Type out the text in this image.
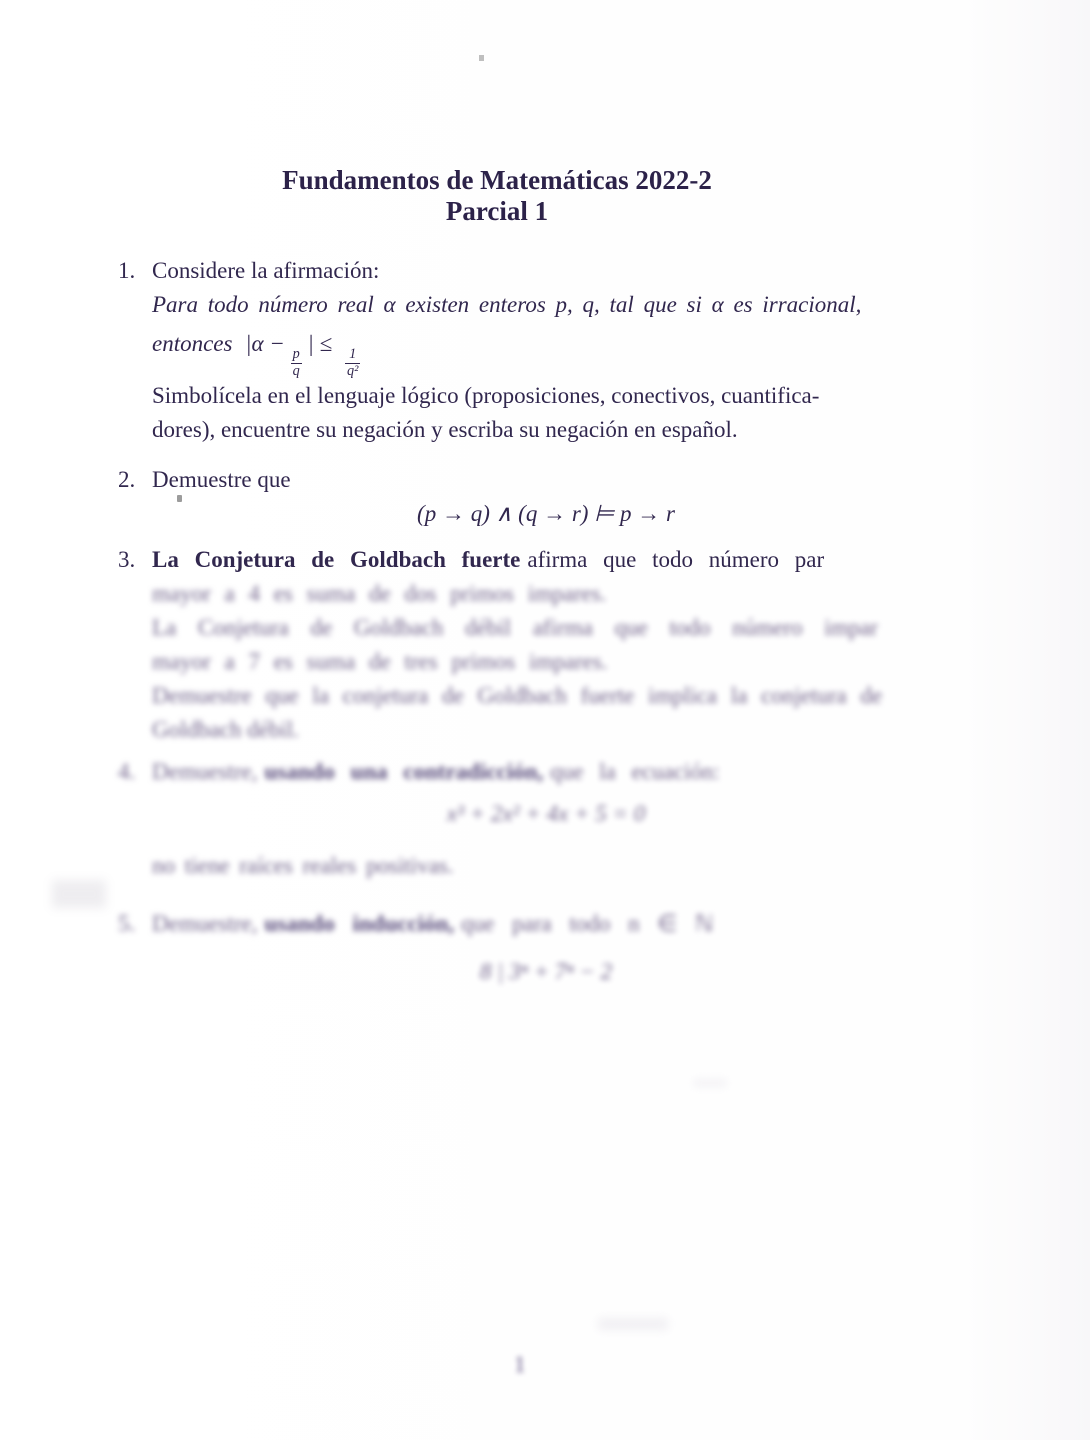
Fundamentos de Matemáticas 2022-2
Parcial 1
1. Considere la afirmación:
Para todo número real α existen enteros p, q, tal que si α es irracional,
entonces |α −
$\frac{p}{q}$
| ≤
$\frac{1}{\text{q²}}$
Simbolícela en el lenguaje lógico (proposiciones, conectivos, cuantifica-
dores), encuentre su negación y escriba su negación en español.
2. Demuestre que
(p → q) ∧ (q → r) ⊨ p → r
3. La Conjetura de Goldbach fuerte afirma que todo número par
mayor a 4 es suma de dos primos impares.
La Conjetura de Goldbach débil afirma que todo número impar
mayor a 7 es suma de tres primos impares.
Demuestre que la conjetura de Goldbach fuerte implica la conjetura de
Goldbach débil.
4. Demuestre, usando una contradicción, que la ecuación:
x³ + 2x² + 4x + 5 = 0
no tiene raíces reales positivas.
5. Demuestre, usando inducción, que para todo n ∈ ℕ
8 | 3ⁿ + 7ⁿ − 2
1
